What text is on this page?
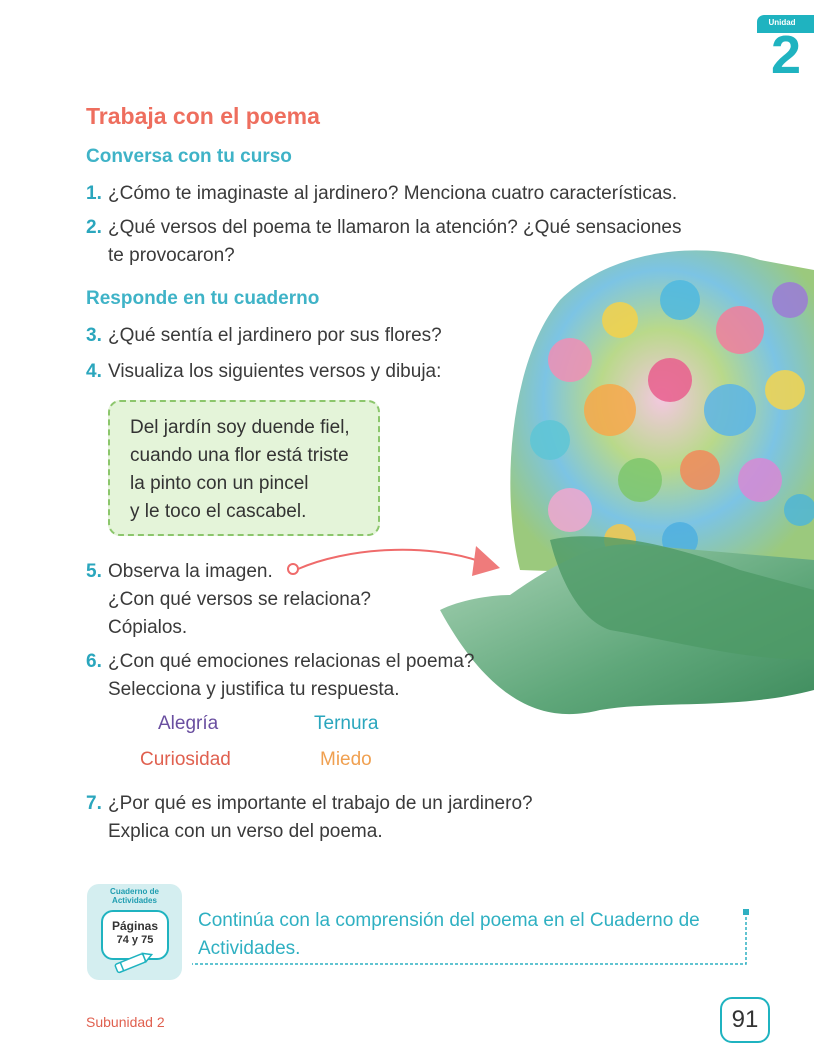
Unidad
2
Trabaja con el poema
Conversa con tu curso
1. ¿Cómo te imaginaste al jardinero? Menciona cuatro características.
2. ¿Qué versos del poema te llamaron la atención? ¿Qué sensaciones
te provocaron?
Responde en tu cuaderno
3. ¿Qué sentía el jardinero por sus flores?
4. Visualiza los siguientes versos y dibuja:
Del jardín soy duende fiel,
cuando una flor está triste
la pinto con un pincel
y le toco el cascabel.
5. Observa la imagen.
¿Con qué versos se relaciona?
Cópialos.
6. ¿Con qué emociones relacionas el poema?
Selecciona y justifica tu respuesta.
Alegría	Ternura
Curiosidad	Miedo
7. ¿Por qué es importante el trabajo de un jardinero?
Explica con un verso del poema.
Cuaderno de Actividades
Páginas
74 y 75
Continúa con la comprensión del poema en el Cuaderno de Actividades.
Subunidad 2	91
